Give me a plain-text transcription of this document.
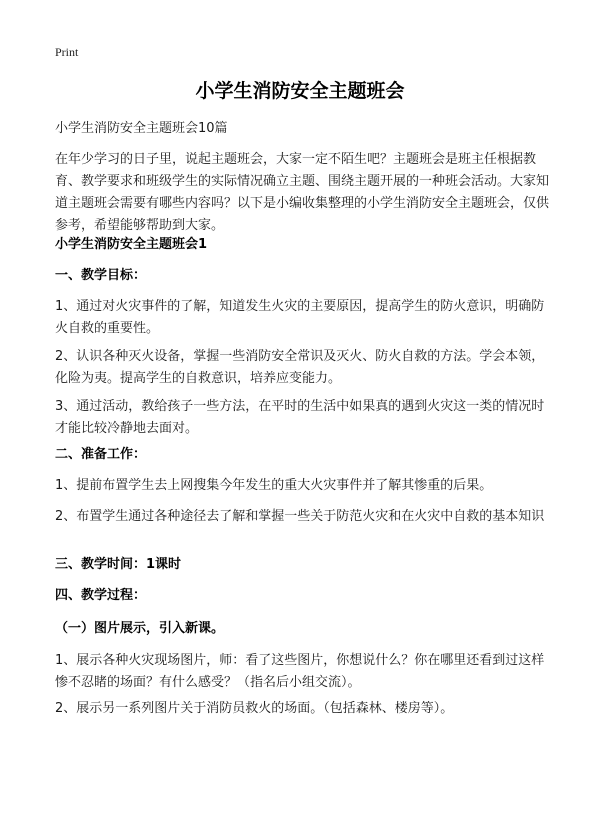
Print
小学生消防安全主题班会

小学生消防安全主题班会10篇

在年少学习的日子里，说起主题班会，大家一定不陌生吧？主题班会是班主任根据教育、教学要求和班级学生的实际情况确立主题、围绕主题开展的一种班会活动。大家知道主题班会需要有哪些内容吗？以下是小编收集整理的小学生消防安全主题班会，仅供参考，希望能够帮助到大家。

小学生消防安全主题班会1

一、教学目标：

1、通过对火灾事件的了解，知道发生火灾的主要原因，提高学生的防火意识，明确防火自救的重要性。

2、认识各种灭火设备，掌握一些消防安全常识及灭火、防火自救的方法。学会本领，化险为夷。提高学生的自救意识，培养应变能力。

3、通过活动，教给孩子一些方法，在平时的生活中如果真的遇到火灾这一类的情况时才能比较冷静地去面对。

二、准备工作：

1、提前布置学生去上网搜集今年发生的重大火灾事件并了解其惨重的后果。

2、布置学生通过各种途径去了解和掌握一些关于防范火灾和在火灾中自救的基本知识

三、教学时间：1课时

四、教学过程：

（一）图片展示，引入新课。

1、展示各种火灾现场图片，师：看了这些图片，你想说什么？你在哪里还看到过这样惨不忍睹的场面？有什么感受？（指名后小组交流）。

2、展示另一系列图片关于消防员救火的场面。（包括森林、楼房等）。
